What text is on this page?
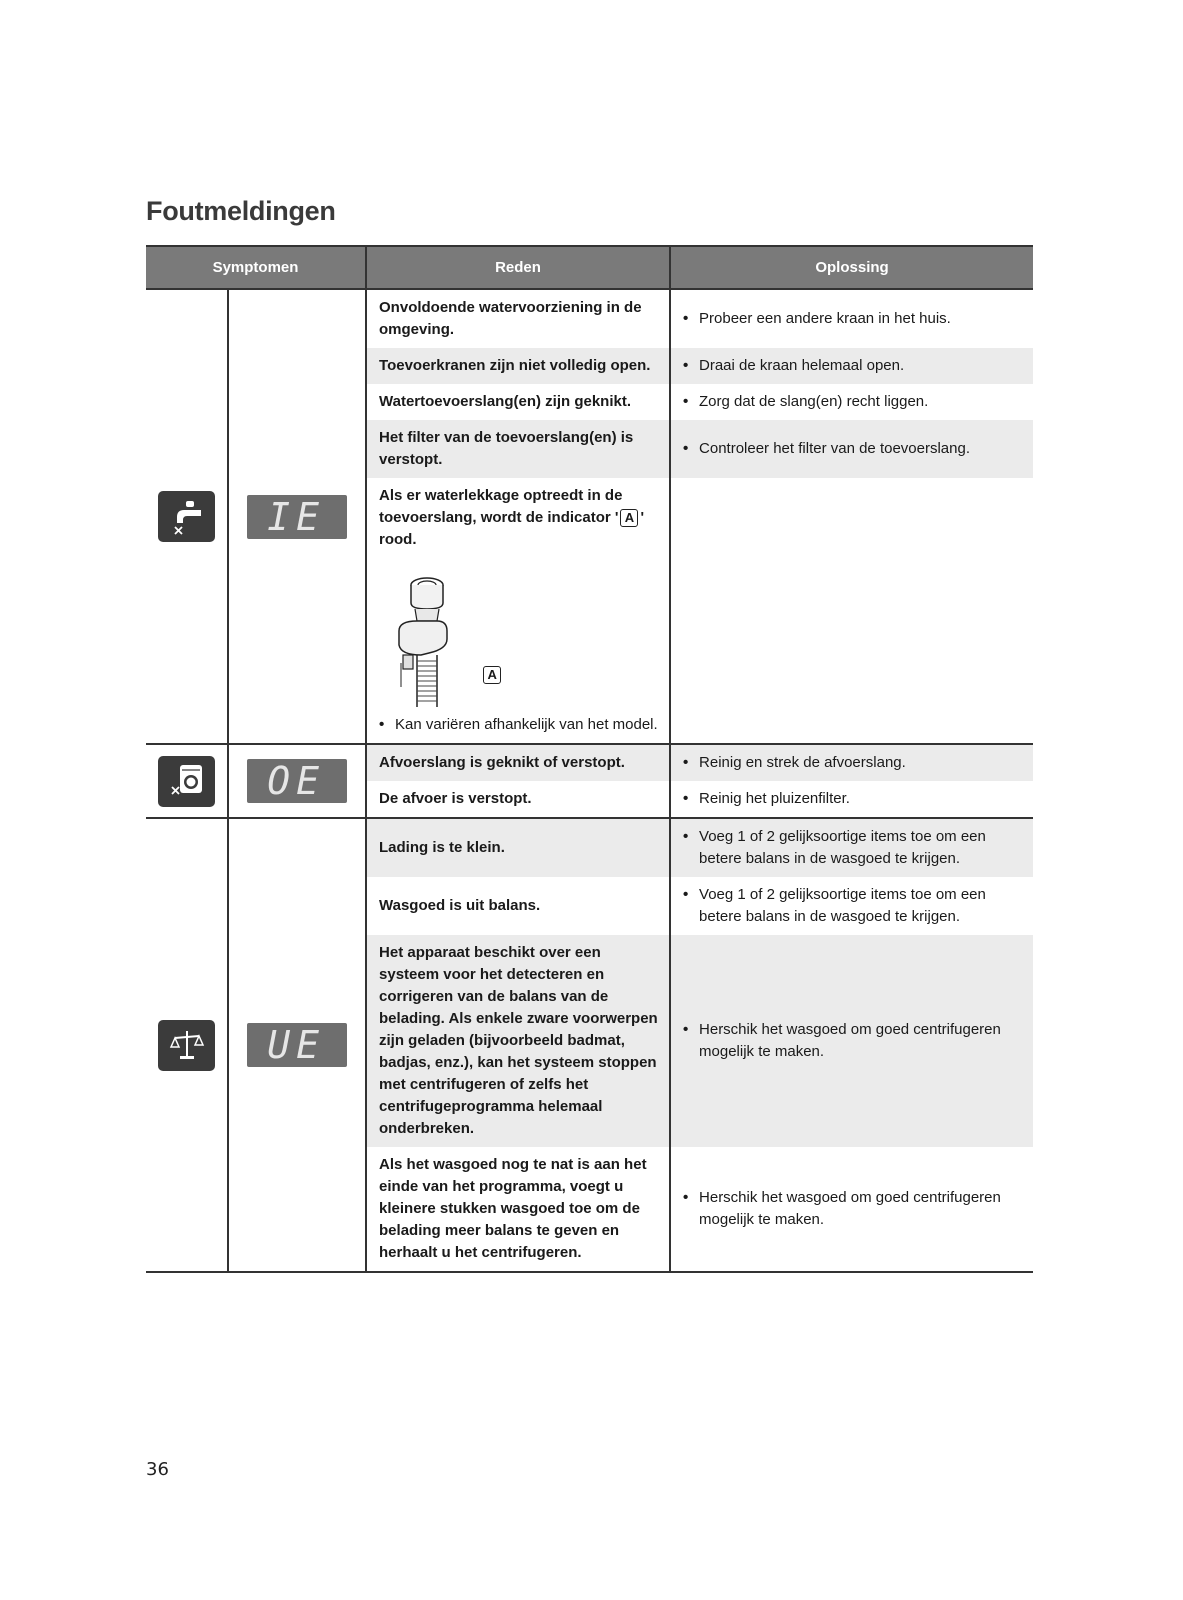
Foutmeldingen
Symptomen		Reden	Oplossing

	IE	Onvoldoende watervoorziening in de omgeving.	• Probeer een andere kraan in het huis.

		Toevoerkranen zijn niet volledig open.	• Draai de kraan helemaal open.

		Watertoevoerslang(en) zijn geknikt.	• Zorg dat de slang(en) recht liggen.

		Het filter van de toevoerslang(en) is verstopt.	• Controleer het filter van de toevoerslang.

		Als er waterlekkage optreedt in de toevoerslang, wordt de indicator ' A ' rood.
A
• Kan variëren afhankelijk van het model.	

	OE	Afvoerslang is geknikt of verstopt.	• Reinig en strek de afvoerslang.

		De afvoer is verstopt.	• Reinig het pluizenfilter.

	UE	Lading is te klein.	• Voeg 1 of 2 gelijksoortige items toe om een betere balans in de wasgoed te krijgen.

		Wasgoed is uit balans.	• Voeg 1 of 2 gelijksoortige items toe om een betere balans in de wasgoed te krijgen.

		Het apparaat beschikt over een systeem voor het detecteren en corrigeren van de balans van de belading. Als enkele zware voorwerpen zijn geladen (bijvoorbeeld badmat, badjas, enz.), kan het systeem stoppen met centrifugeren of zelfs het centrifugeprogramma helemaal onderbreken.	• Herschik het wasgoed om goed centrifugeren mogelijk te maken.

		Als het wasgoed nog te nat is aan het einde van het programma, voegt u kleinere stukken wasgoed toe om de belading meer balans te geven en herhaalt u het centrifugeren.	• Herschik het wasgoed om goed centrifugeren mogelijk te maken.
36
